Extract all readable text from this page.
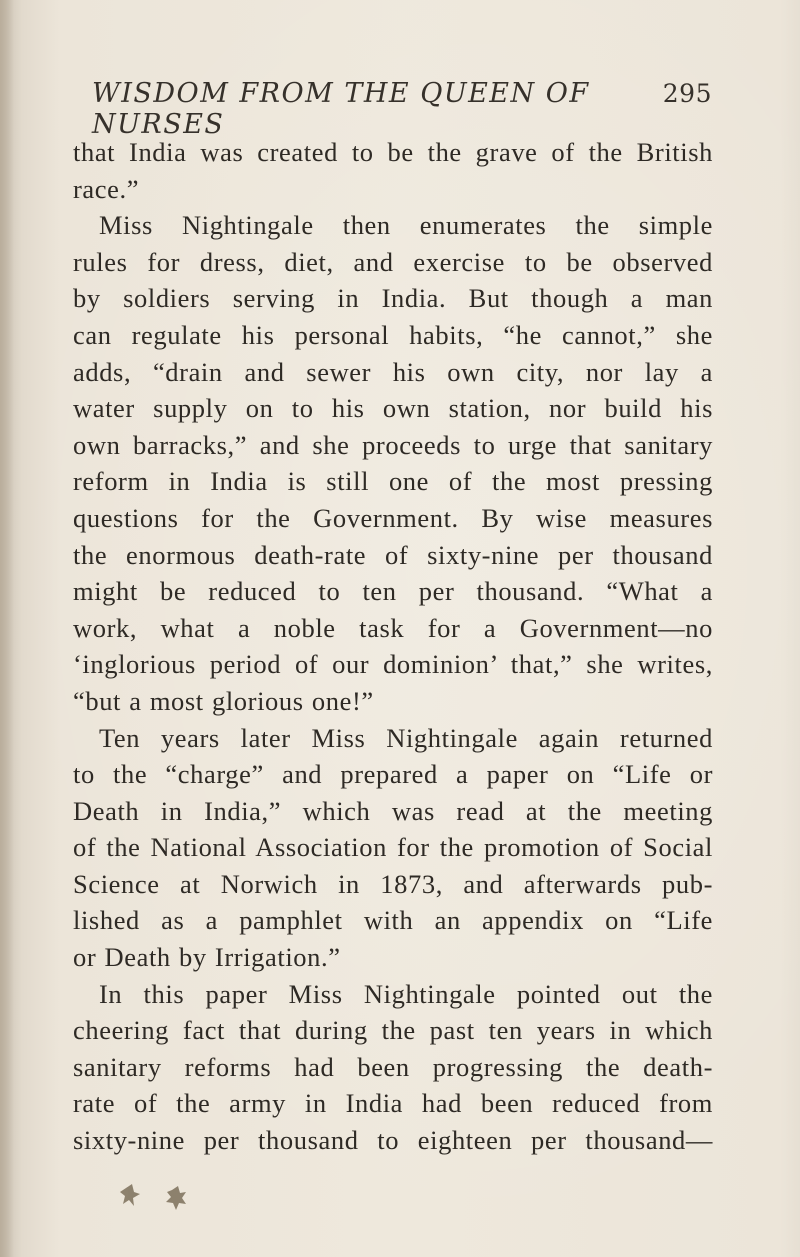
WISDOM FROM THE QUEEN OF NURSES
295
that India was created to be the grave of the British
race.”
Miss Nightingale then enumerates the simple
rules for dress, diet, and exercise to be observed
by soldiers serving in India. But though a man
can regulate his personal habits, “he cannot,” she
adds, “drain and sewer his own city, nor lay a
water supply on to his own station, nor build his
own barracks,” and she proceeds to urge that sanitary
reform in India is still one of the most pressing
questions for the Government. By wise measures
the enormous death-rate of sixty-nine per thousand
might be reduced to ten per thousand. “What a
work, what a noble task for a Government—no
‘inglorious period of our dominion’ that,” she writes,
“but a most glorious one!”
Ten years later Miss Nightingale again returned
to the “charge” and prepared a paper on “Life or
Death in India,” which was read at the meeting
of the National Association for the promotion of Social
Science at Norwich in 1873, and afterwards pub-
lished as a pamphlet with an appendix on “Life
or Death by Irrigation.”
In this paper Miss Nightingale pointed out the
cheering fact that during the past ten years in which
sanitary reforms had been progressing the death-
rate of the army in India had been reduced from
sixty-nine per thousand to eighteen per thousand—
